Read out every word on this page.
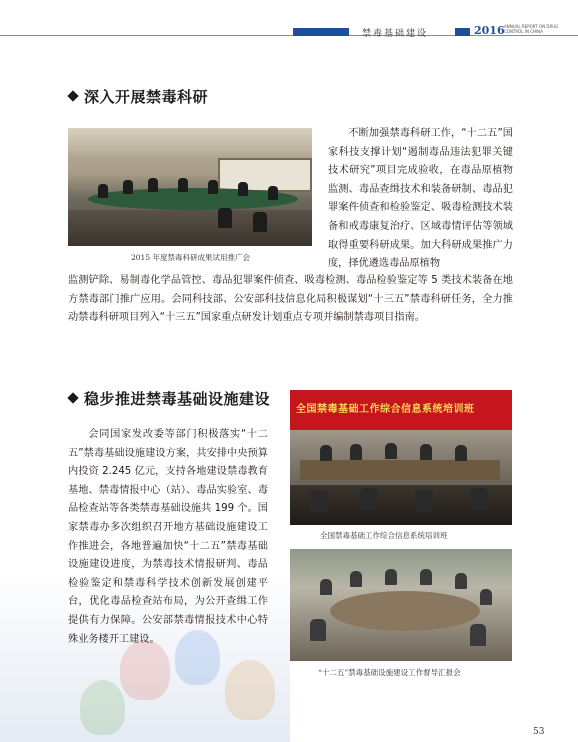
禁毒基础建设	2016 ANNUAL REPORT ON DRUG
CONTROL IN CHINA
深入开展禁毒科研
2015 年度禁毒科研成果试用推广会

不断加强禁毒科研工作，“十二五”国家科技支撑计划“遏制毒品违法犯罪关键技术研究”项目完成验收，在毒品原植物监测、毒品查缉技术和装备研制、毒品犯罪案件侦查和检验鉴定、吸毒检测技术装备和戒毒康复治疗、区域毒情评估等领域取得重要科研成果。加大科研成果推广力度，择优遴选毒品原植物

监测铲除、易制毒化学品管控、毒品犯罪案件侦查、吸毒检测、毒品检验鉴定等 5 类技术装备在地方禁毒部门推广应用。会同科技部、公安部科技信息化局积极谋划“十三五”禁毒科研任务，全力推动禁毒科研项目列入“十三五”国家重点研发计划重点专项并编制禁毒项目指南。

稳步推进禁毒基础设施建设

会同国家发改委等部门积极落实“十二五”禁毒基础设施建设方案，共安排中央预算内投资 2.245 亿元，支持各地建设禁毒教育基地、禁毒情报中心（站）、毒品实验室、毒品检查站等各类禁毒基础设施共 199 个。国家禁毒办多次组织召开地方基础设施建设工作推进会，各地普遍加快“十二五”禁毒基础设施建设进度，为禁毒技术情报研判、毒品检验鉴定和禁毒科学技术创新发展创建平台，优化毒品检查站布局，为公开查缉工作提供有力保障。公安部禁毒情报技术中心特殊业务楼开工建设。

全国禁毒基础工作综合信息系统培训班
全国禁毒基础工作综合信息系统培训班
“十二五”禁毒基础设施建设工作督导汇报会
53
